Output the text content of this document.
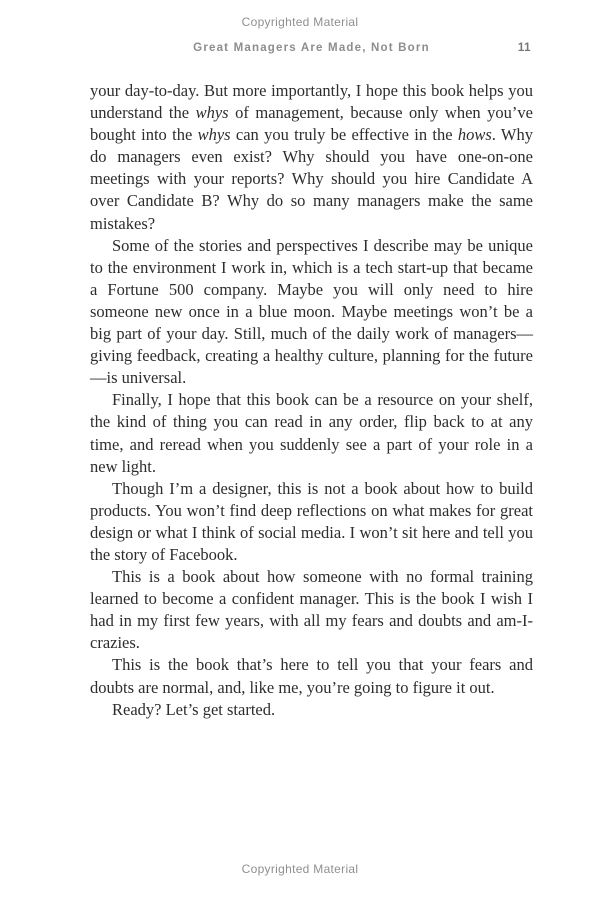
Copyrighted Material
Great Managers Are Made, Not Born	11

your day-to-day. But more importantly, I hope this book helps you understand the whys of management, because only when you’ve bought into the whys can you truly be effective in the hows. Why do managers even exist? Why should you have one-on-one meetings with your reports? Why should you hire Candidate A over Candidate B? Why do so many managers make the same mistakes?

Some of the stories and perspectives I describe may be unique to the environment I work in, which is a tech start-up that became a Fortune 500 company. Maybe you will only need to hire someone new once in a blue moon. Maybe meetings won’t be a big part of your day. Still, much of the daily work of managers—giving feedback, creating a healthy culture, planning for the future—is universal.

Finally, I hope that this book can be a resource on your shelf, the kind of thing you can read in any order, flip back to at any time, and reread when you suddenly see a part of your role in a new light.

Though I’m a designer, this is not a book about how to build products. You won’t find deep reflections on what makes for great design or what I think of social media. I won’t sit here and tell you the story of Facebook.

This is a book about how someone with no formal training learned to become a confident manager. This is the book I wish I had in my first few years, with all my fears and doubts and am-I-crazies.

This is the book that’s here to tell you that your fears and doubts are normal, and, like me, you’re going to figure it out.

Ready? Let’s get started.

Copyrighted Material
